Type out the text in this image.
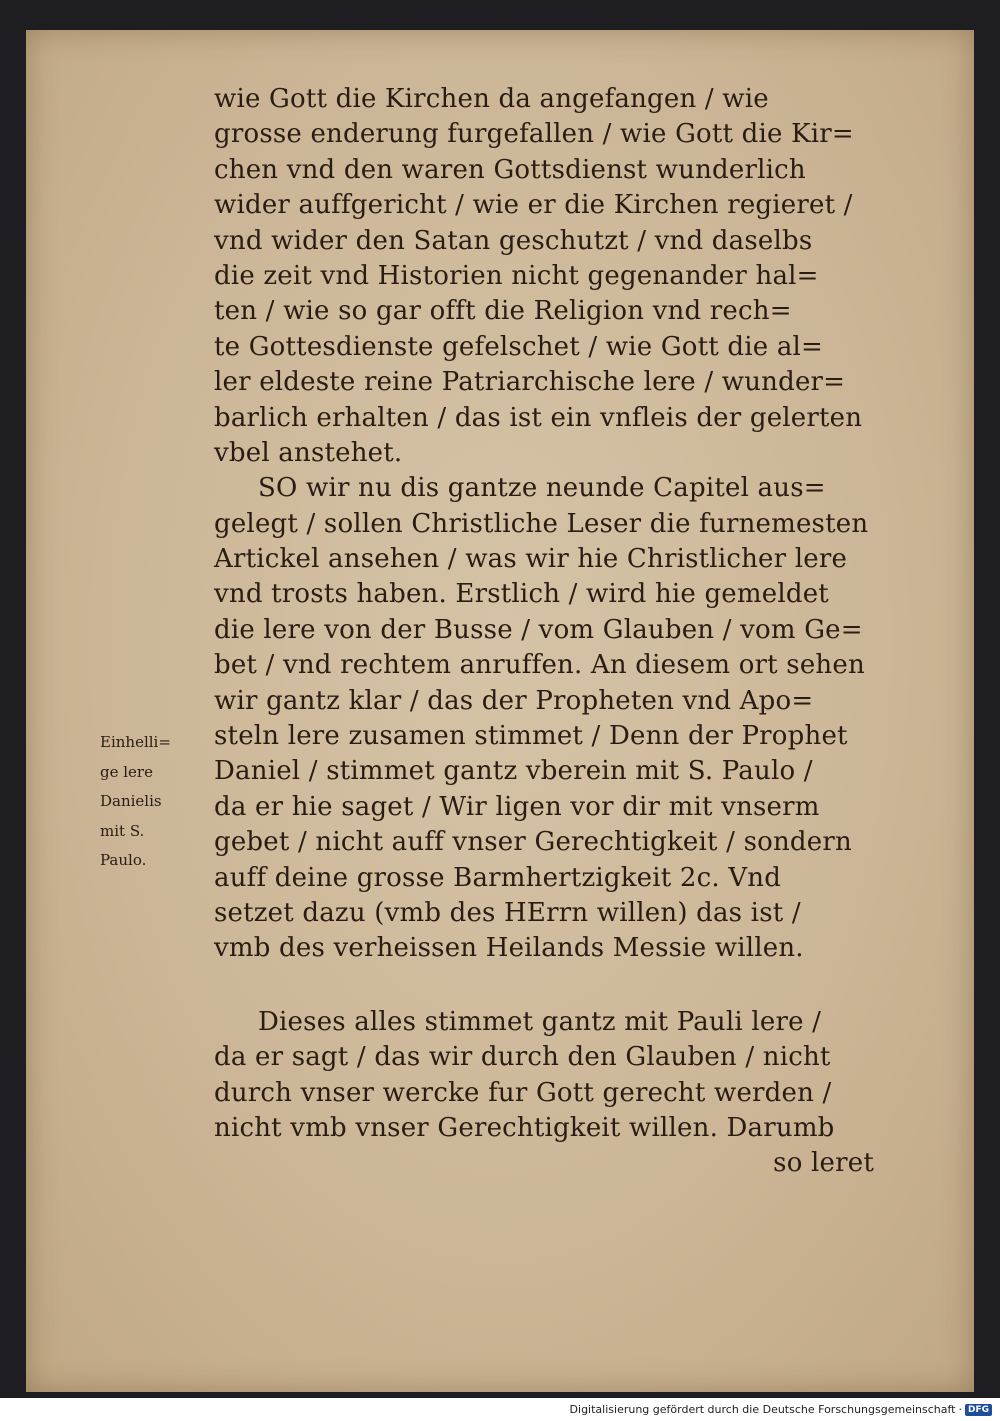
wie Gott die Kirchen da angefangen / wie
grosse enderung furgefallen / wie Gott die Kir=
chen vnd den waren Gottsdienst wunderlich
wider auffgericht / wie er die Kirchen regieret /
vnd wider den Satan geschutzt / vnd daselbs
die zeit vnd Historien nicht gegenander hal=
ten / wie so gar offt die Religion vnd rech=
te Gottesdienste gefelschet / wie Gott die al=
ler eldeste reine Patriarchische lere / wunder=
barlich erhalten / das ist ein vnfleis der gelerten
vbel anstehet.
SO wir nu dis gantze neunde Capitel aus=
gelegt / sollen Christliche Leser die furnemesten
Artickel ansehen / was wir hie Christlicher lere
vnd trosts haben. Erstlich / wird hie gemeldet
die lere von der Busse / vom Glauben / vom Ge=
bet / vnd rechtem anruffen. An diesem ort sehen
wir gantz klar / das der Propheten vnd Apo=
steln lere zusamen stimmet / Denn der Prophet
Daniel / stimmet gantz vberein mit S. Paulo /
da er hie saget / Wir ligen vor dir mit vnserm
gebet / nicht auff vnser Gerechtigkeit / sondern
auff deine grosse Barmhertzigkeit 2c. Vnd
setzet dazu (vmb des HErrn willen) das ist /
vmb des verheissen Heilands Messie willen.
Dieses alles stimmet gantz mit Pauli lere /
da er sagt / das wir durch den Glauben / nicht
durch vnser wercke fur Gott gerecht werden /
nicht vmb vnser Gerechtigkeit willen. Darumb
so leret
Einhelli=
ge lere
Danielis
mit S.
Paulo.
Digitalisierung gefördert durch die Deutsche Forschungsgemeinschaft · DFG
